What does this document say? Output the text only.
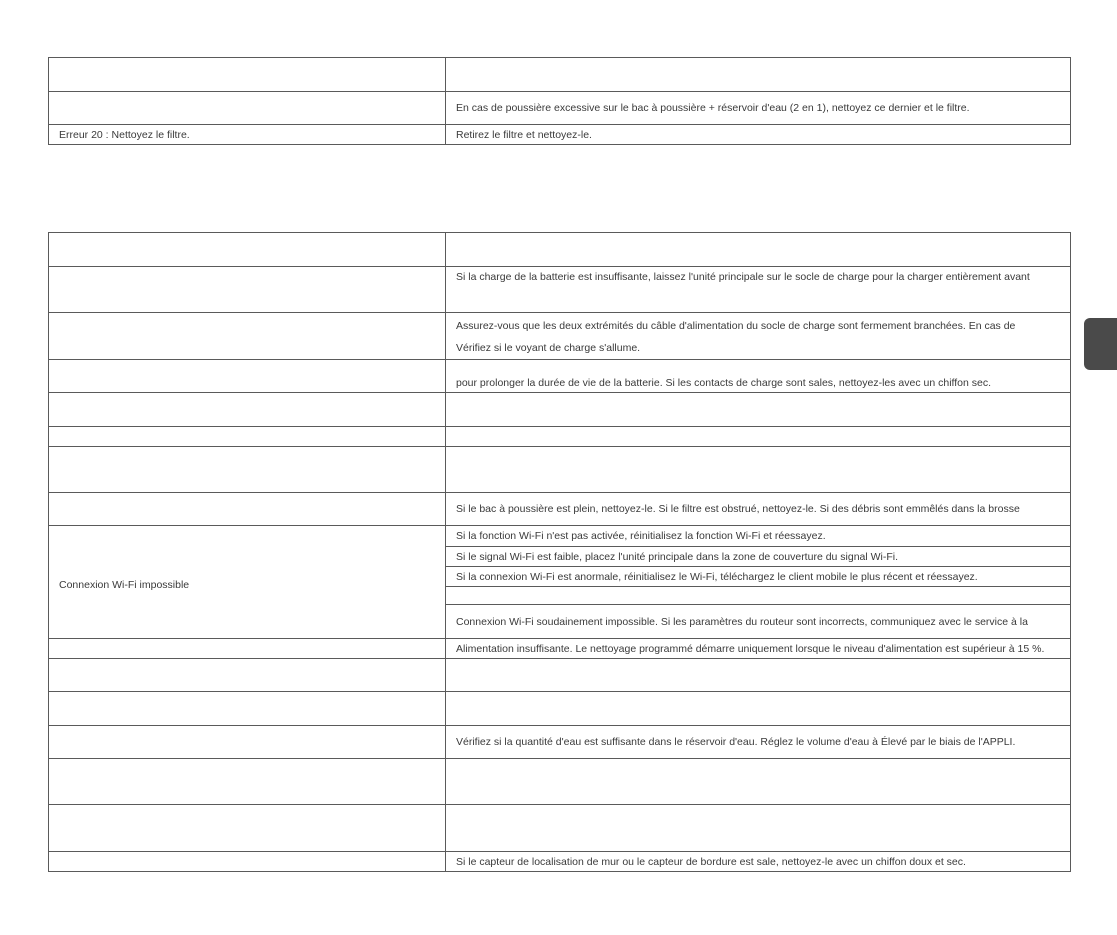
	En cas de poussière excessive sur le bac à poussière + réservoir d'eau (2 en 1), nettoyez ce dernier et le filtre.
Erreur 20 : Nettoyez le filtre.	Retirez le filtre et nettoyez-le.

	Si la charge de la batterie est insuffisante, laissez l'unité principale sur le socle de charge pour la charger entièrement avant

	Assurez-vous que les deux extrémités du câble d'alimentation du socle de charge sont fermement branchées. En cas de
Vérifiez si le voyant de charge s'allume.

	pour prolonger la durée de vie de la batterie. Si les contacts de charge sont sales, nettoyez-les avec un chiffon sec.

	Si le bac à poussière est plein, nettoyez-le. Si le filtre est obstrué, nettoyez-le. Si des débris sont emmêlés dans la brosse
Connexion Wi-Fi impossible	Si la fonction Wi-Fi n'est pas activée, réinitialisez la fonction Wi-Fi et réessayez.
	Si le signal Wi-Fi est faible, placez l'unité principale dans la zone de couverture du signal Wi-Fi.
	Si la connexion Wi-Fi est anormale, réinitialisez le Wi-Fi, téléchargez le client mobile le plus récent et réessayez.

	Connexion Wi-Fi soudainement impossible. Si les paramètres du routeur sont incorrects, communiquez avec le service à la
	Alimentation insuffisante. Le nettoyage programmé démarre uniquement lorsque le niveau d'alimentation est supérieur à 15 %.

	Vérifiez si la quantité d'eau est suffisante dans le réservoir d'eau. Réglez le volume d'eau à Élevé par le biais de l'APPLI.

	Si le capteur de localisation de mur ou le capteur de bordure est sale, nettoyez-le avec un chiffon doux et sec.
